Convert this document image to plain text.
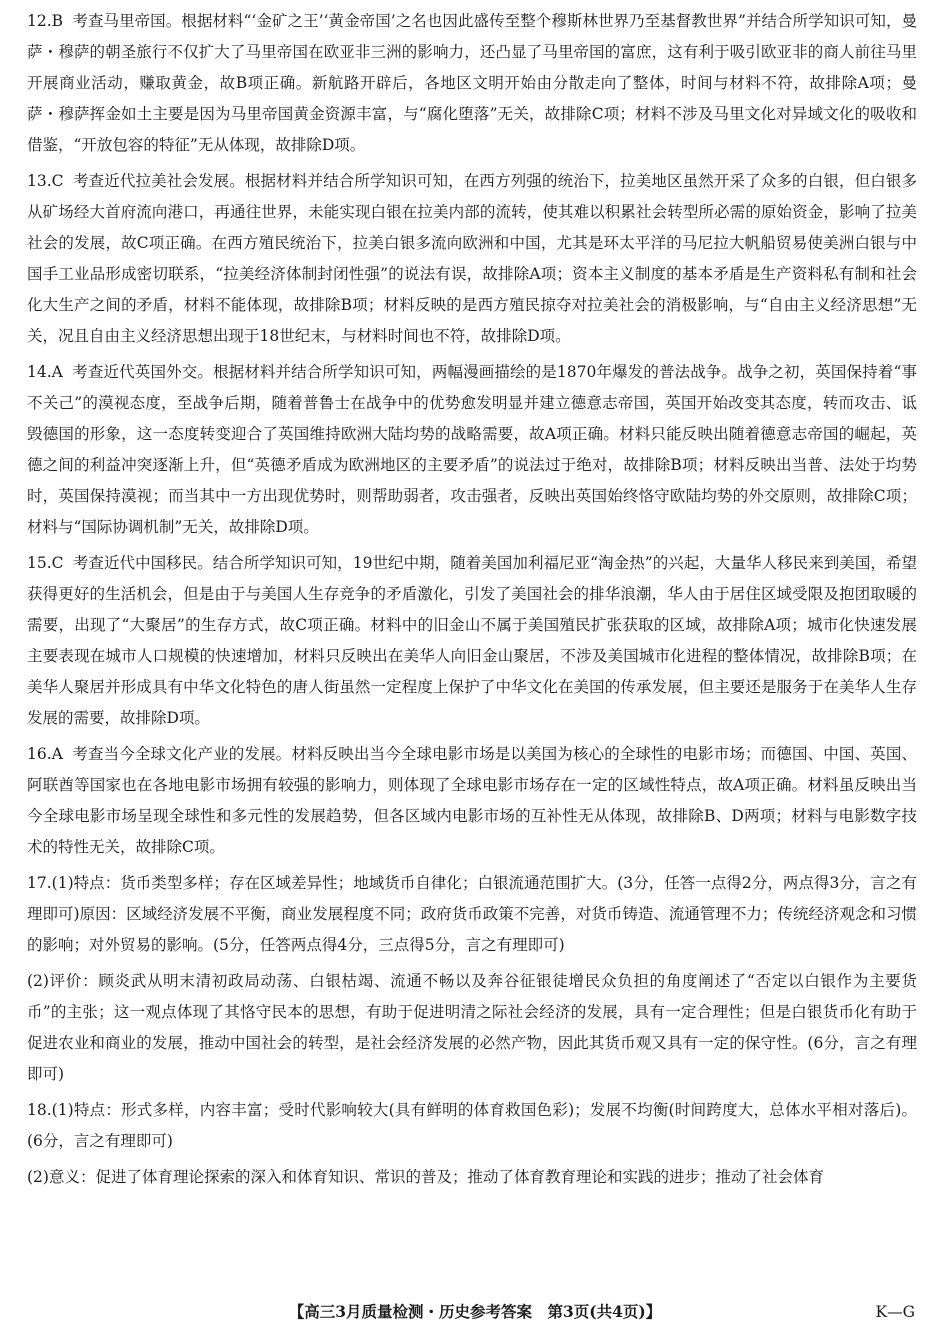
12.B 考查马里帝国。根据材料“‘金矿之王’‘黄金帝国’之名也因此盛传至整个穆斯林世界乃至基督教世界”并结合所学知识可知，曼萨・穆萨的朝圣旅行不仅扩大了马里帝国在欧亚非三洲的影响力，还凸显了马里帝国的富庶，这有利于吸引欧亚非的商人前往马里开展商业活动，赚取黄金，故B项正确。新航路开辟后，各地区文明开始由分散走向了整体，时间与材料不符，故排除A项；曼萨・穆萨挥金如土主要是因为马里帝国黄金资源丰富，与“腐化堕落”无关，故排除C项；材料不涉及马里文化对异域文化的吸收和借鉴，“开放包容的特征”无从体现，故排除D项。

13.C 考查近代拉美社会发展。根据材料并结合所学知识可知，在西方列强的统治下，拉美地区虽然开采了众多的白银，但白银多从矿场经大首府流向港口，再通往世界，未能实现白银在拉美内部的流转，使其难以积累社会转型所必需的原始资金，影响了拉美社会的发展，故C项正确。在西方殖民统治下，拉美白银多流向欧洲和中国，尤其是环太平洋的马尼拉大帆船贸易使美洲白银与中国手工业品形成密切联系，“拉美经济体制封闭性强”的说法有误，故排除A项；资本主义制度的基本矛盾是生产资料私有制和社会化大生产之间的矛盾，材料不能体现，故排除B项；材料反映的是西方殖民掠夺对拉美社会的消极影响，与“自由主义经济思想”无关，况且自由主义经济思想出现于18世纪末，与材料时间也不符，故排除D项。

14.A 考查近代英国外交。根据材料并结合所学知识可知，两幅漫画描绘的是1870年爆发的普法战争。战争之初，英国保持着“事不关己”的漠视态度，至战争后期，随着普鲁士在战争中的优势愈发明显并建立德意志帝国，英国开始改变其态度，转而攻击、诋毁德国的形象，这一态度转变迎合了英国维持欧洲大陆均势的战略需要，故A项正确。材料只能反映出随着德意志帝国的崛起，英德之间的利益冲突逐渐上升，但“英德矛盾成为欧洲地区的主要矛盾”的说法过于绝对，故排除B项；材料反映出当普、法处于均势时，英国保持漠视；而当其中一方出现优势时，则帮助弱者，攻击强者，反映出英国始终恪守欧陆均势的外交原则，故排除C项；材料与“国际协调机制”无关，故排除D项。

15.C 考查近代中国移民。结合所学知识可知，19世纪中期，随着美国加利福尼亚“淘金热”的兴起，大量华人移民来到美国，希望获得更好的生活机会，但是由于与美国人生存竞争的矛盾激化，引发了美国社会的排华浪潮，华人由于居住区域受限及抱团取暖的需要，出现了“大聚居”的生存方式，故C项正确。材料中的旧金山不属于美国殖民扩张获取的区域，故排除A项；城市化快速发展主要表现在城市人口规模的快速增加，材料只反映出在美华人向旧金山聚居，不涉及美国城市化进程的整体情况，故排除B项；在美华人聚居并形成具有中华文化特色的唐人街虽然一定程度上保护了中华文化在美国的传承发展，但主要还是服务于在美华人生存发展的需要，故排除D项。

16.A 考查当今全球文化产业的发展。材料反映出当今全球电影市场是以美国为核心的全球性的电影市场；而德国、中国、英国、阿联酋等国家也在各地电影市场拥有较强的影响力，则体现了全球电影市场存在一定的区域性特点，故A项正确。材料虽反映出当今全球电影市场呈现全球性和多元性的发展趋势，但各区域内电影市场的互补性无从体现，故排除B、D两项；材料与电影数字技术的特性无关，故排除C项。

17.(1)特点：货币类型多样；存在区域差异性；地域货币自律化；白银流通范围扩大。(3分，任答一点得2分，两点得3分，言之有理即可)原因：区域经济发展不平衡，商业发展程度不同；政府货币政策不完善，对货币铸造、流通管理不力；传统经济观念和习惯的影响；对外贸易的影响。(5分，任答两点得4分，三点得5分，言之有理即可)

(2)评价：顾炎武从明末清初政局动荡、白银枯竭、流通不畅以及奔谷征银徒增民众负担的角度阐述了“否定以白银作为主要货币”的主张；这一观点体现了其恪守民本的思想，有助于促进明清之际社会经济的发展，具有一定合理性；但是白银货币化有助于促进农业和商业的发展，推动中国社会的转型，是社会经济发展的必然产物，因此其货币观又具有一定的保守性。(6分，言之有理即可)

18.(1)特点：形式多样，内容丰富；受时代影响较大(具有鲜明的体育救国色彩)；发展不均衡(时间跨度大，总体水平相对落后)。(6分，言之有理即可)

(2)意义：促进了体育理论探索的深入和体育知识、常识的普及；推动了体育教育理论和实践的进步；推动了社会体育

【高三3月质量检测・历史参考答案　第3页(共4页)】	K—G
